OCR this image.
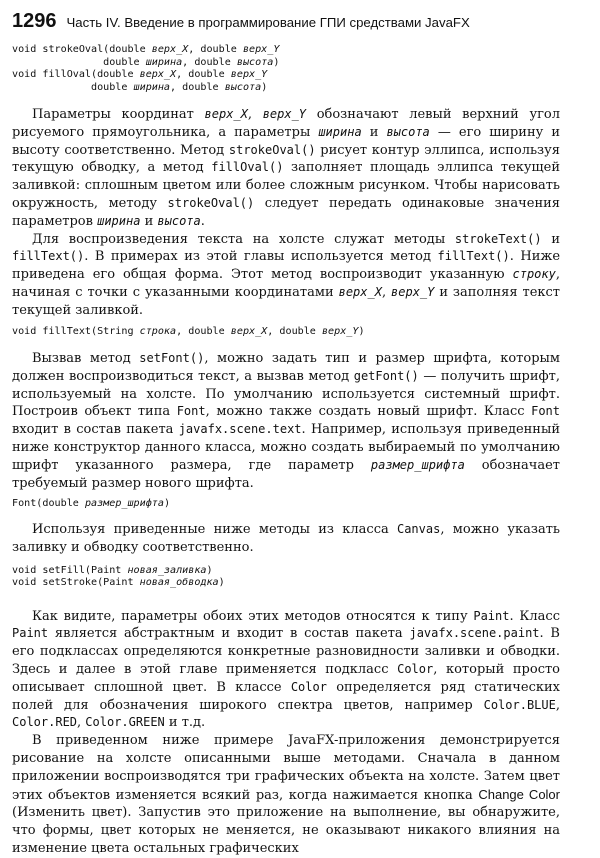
1296 Часть IV. Введение в программирование ГПИ средствами JavaFX
void strokeOval(double верх_X, double верх_Y
double ширина, double высота)
void fillOval(double верх_X, double верх_Y
double ширина, double высота)

Параметры координат верх_X, верх_Y обозначают левый верхний угол рисуемого прямоугольника, а параметры ширина и высота — его ширину и высоту соответственно. Метод strokeOval() рисует контур эллипса, используя текущую обводку, а метод fillOval() заполняет площадь эллипса текущей заливкой: сплошным цветом или более сложным рисунком. Чтобы нарисовать окружность, методу strokeOval() следует передать одинаковые значения параметров ширина и высота.

Для воспроизведения текста на холсте служат методы strokeText() и fillText(). В примерах из этой главы используется метод fillText(). Ниже приведена его общая форма. Этот метод воспроизводит указанную строку, начиная с точки с указанными координатами верх_X, верх_Y и заполняя текст текущей заливкой.

void fillText(String строка, double верх_X, double верх_Y)

Вызвав метод setFont(), можно задать тип и размер шрифта, которым должен воспроизводиться текст, а вызвав метод getFont() — получить шрифт, используемый на холсте. По умолчанию используется системный шрифт. Построив объект типа Font, можно также создать новый шрифт. Класс Font входит в состав пакета javafx.scene.text. Например, используя приведенный ниже конструктор данного класса, можно создать выбираемый по умолчанию шрифт указанного размера, где параметр размер_шрифта обозначает требуемый размер нового шрифта.

Font(double размер_шрифта)

Используя приведенные ниже методы из класса Canvas, можно указать заливку и обводку соответственно.

void setFill(Paint новая_заливка)
void setStroke(Paint новая_обводка)

Как видите, параметры обоих этих методов относятся к типу Paint. Класс Paint является абстрактным и входит в состав пакета javafx.scene.paint. В его подклассах определяются конкретные разновидности заливки и обводки. Здесь и далее в этой главе применяется подкласс Color, который просто описывает сплошной цвет. В классе Color определяется ряд статических полей для обозначения широкого спектра цветов, например Color.BLUE, Color.RED, Color.GREEN и т.д.

В приведенном ниже примере JavaFX-приложения демонстрируется рисование на холсте описанными выше методами. Сначала в данном приложении воспроизводятся три графических объекта на холсте. Затем цвет этих объектов изменяется всякий раз, когда нажимается кнопка Change Color (Изменить цвет). Запустив это приложение на выполнение, вы обнаружите, что формы, цвет которых не меняется, не оказывают никакого влияния на изменение цвета остальных графических
